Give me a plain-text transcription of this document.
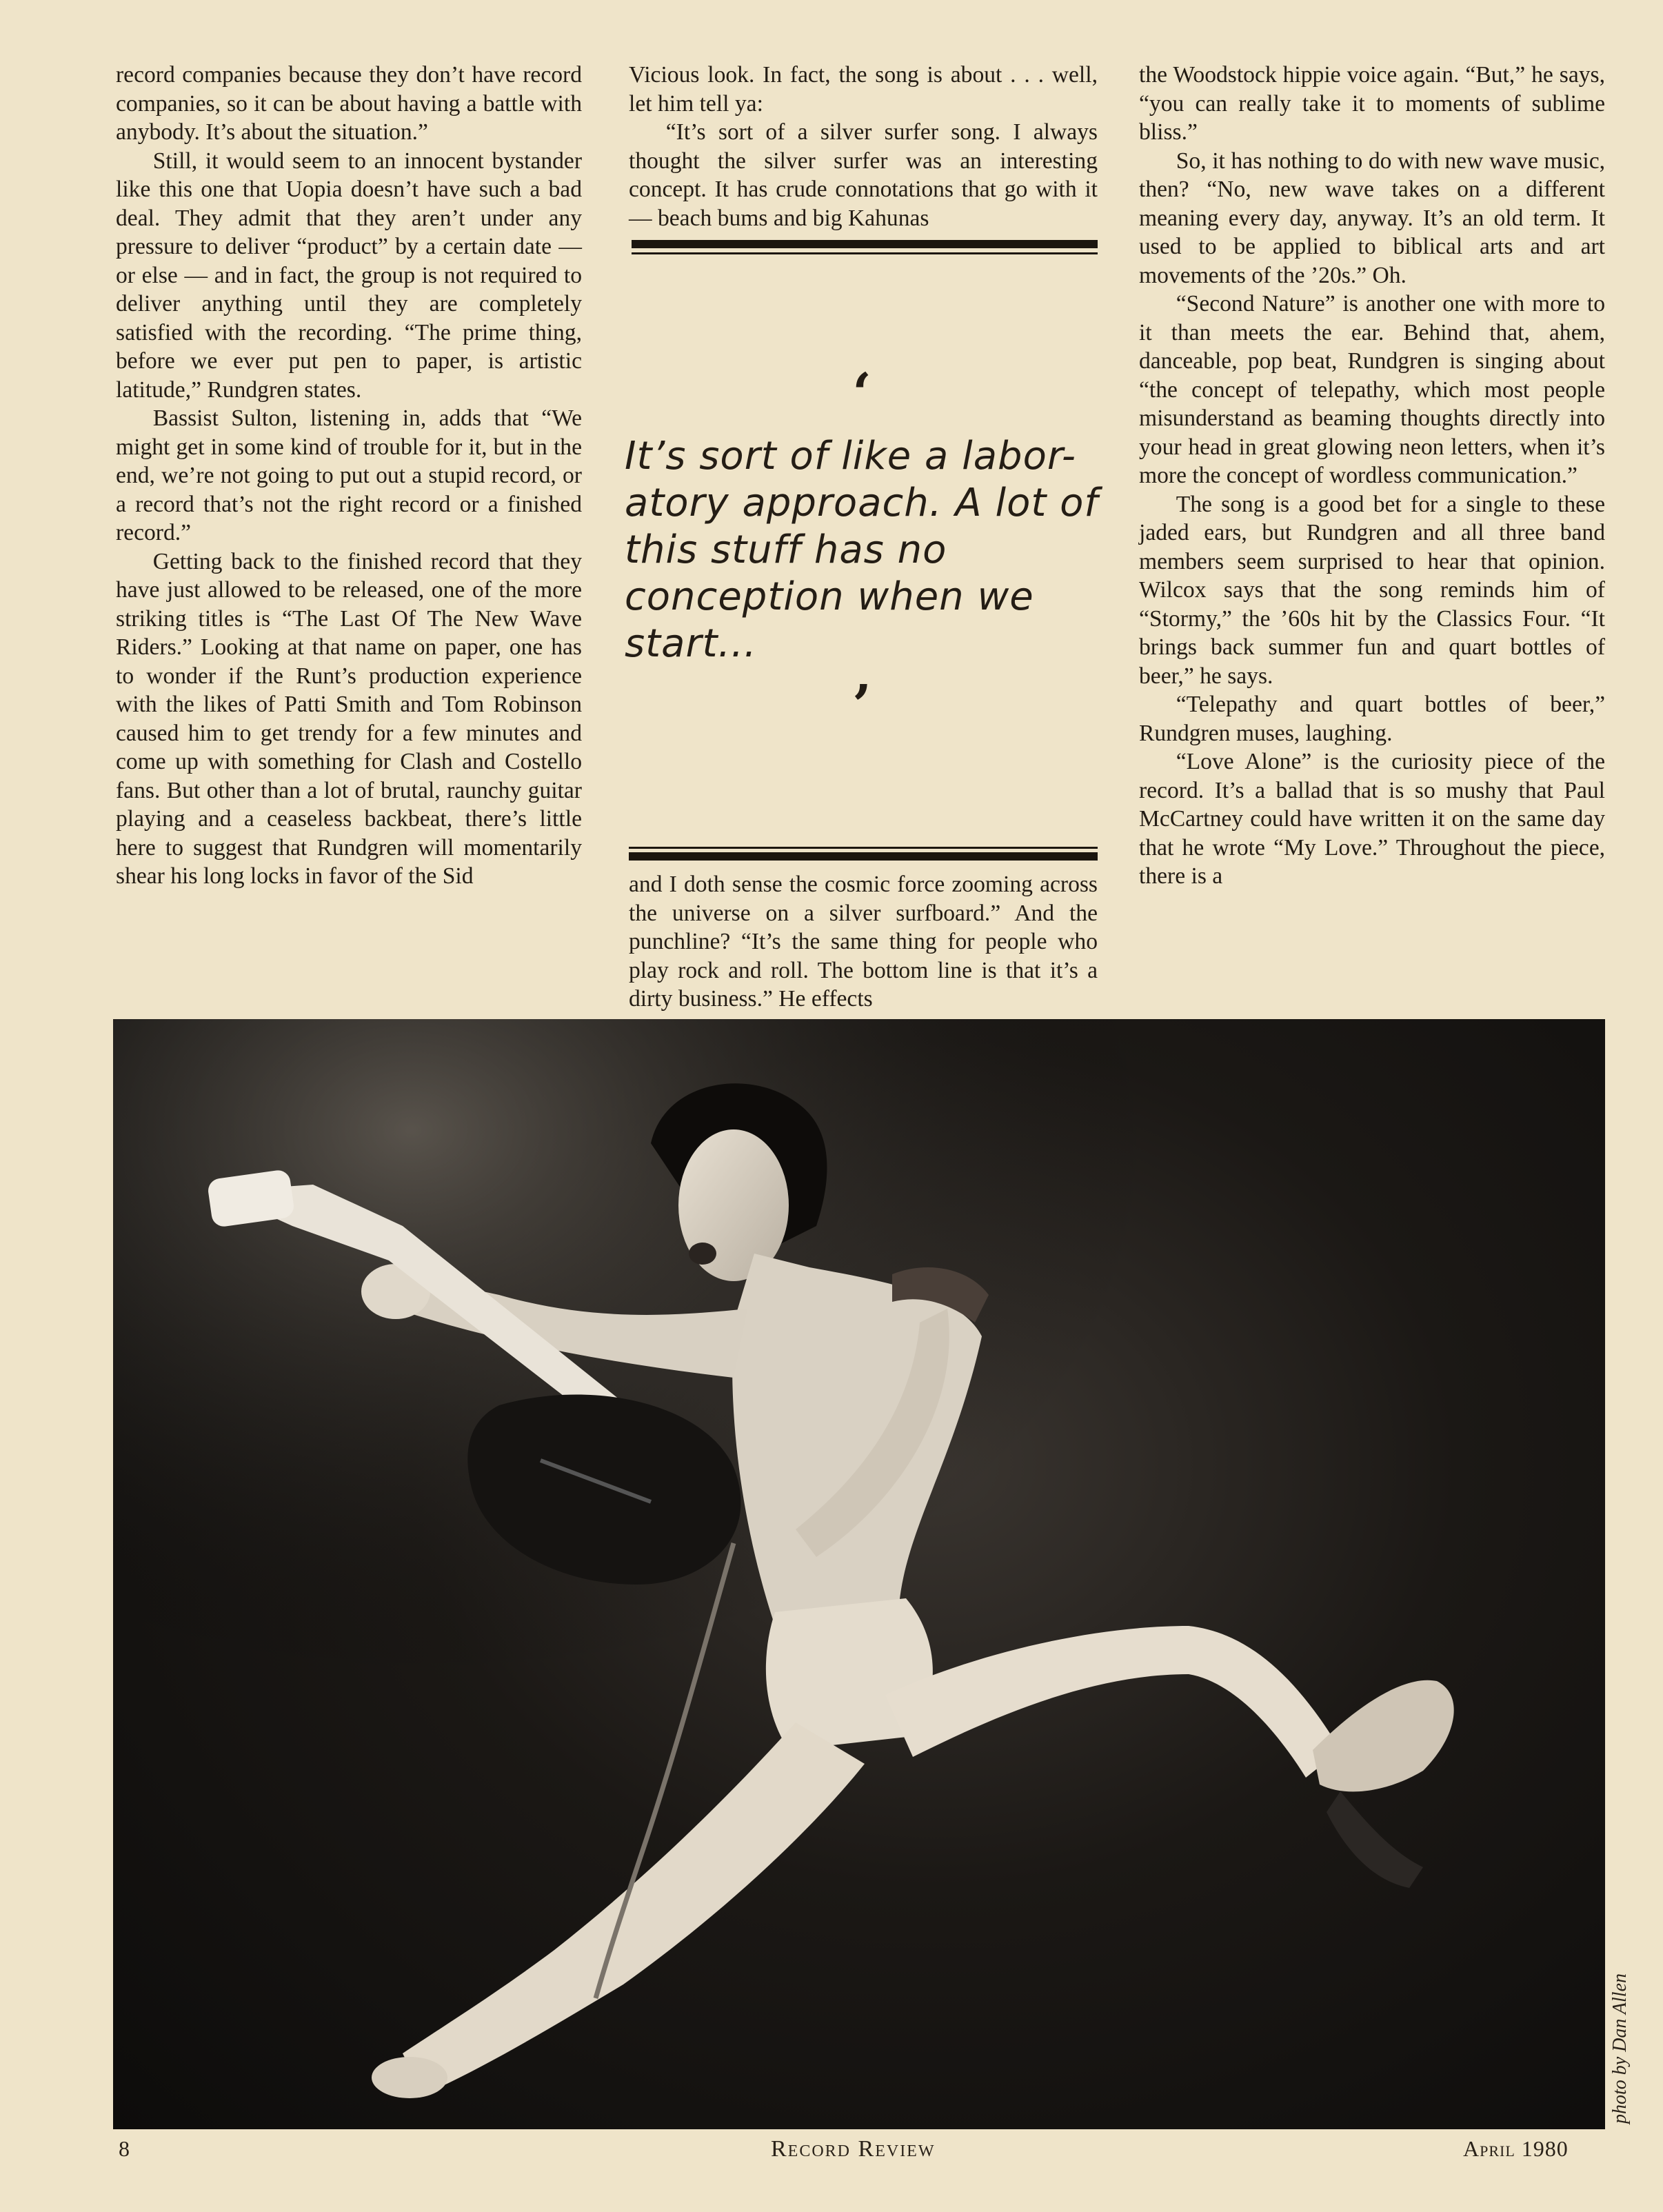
record companies because they don’t have record companies, so it can be about having a battle with anybody. It’s about the situation.”

Still, it would seem to an innocent bystander like this one that Uopia doesn’t have such a bad deal. They admit that they aren’t under any pressure to deliver “product” by a certain date — or else — and in fact, the group is not required to deliver anything until they are completely satisfied with the recording. “The prime thing, before we ever put pen to paper, is artistic latitude,” Rundgren states.

Bassist Sulton, listening in, adds that “We might get in some kind of trouble for it, but in the end, we’re not going to put out a stupid record, or a record that’s not the right record or a finished record.”

Getting back to the finished record that they have just allowed to be released, one of the more striking titles is “The Last Of The New Wave Riders.” Looking at that name on paper, one has to wonder if the Runt’s production experience with the likes of Patti Smith and Tom Robinson caused him to get trendy for a few minutes and come up with something for Clash and Costello fans. But other than a lot of brutal, raunchy guitar playing and a ceaseless backbeat, there’s little here to suggest that Rundgren will momentarily shear his long locks in favor of the Sid

Vicious look. In fact, the song is about . . . well, let him tell ya:

“It’s sort of a silver surfer song. I always thought the silver surfer was an interesting concept. It has crude connotations that go with it — beach bums and big Kahunas

‘
It’s sort of like a labor-atory approach. A lot of this stuff has no conception when we start...
’

and I doth sense the cosmic force zooming across the universe on a silver surfboard.” And the punchline? “It’s the same thing for people who play rock and roll. The bottom line is that it’s a dirty business.” He effects

the Woodstock hippie voice again. “But,” he says, “you can really take it to moments of sublime bliss.”

So, it has nothing to do with new wave music, then? “No, new wave takes on a different meaning every day, anyway. It’s an old term. It used to be applied to biblical arts and art movements of the ’20s.” Oh.

“Second Nature” is another one with more to it than meets the ear. Behind that, ahem, danceable, pop beat, Rundgren is singing about “the concept of telepathy, which most people misunderstand as beaming thoughts directly into your head in great glowing neon letters, when it’s more the concept of wordless communication.”

The song is a good bet for a single to these jaded ears, but Rundgren and all three band members seem surprised to hear that opinion. Wilcox says that the song reminds him of “Stormy,” the ’60s hit by the Classics Four. “It brings back summer fun and quart bottles of beer,” he says.

“Telepathy and quart bottles of beer,” Rundgren muses, laughing.

“Love Alone” is the curiosity piece of the record. It’s a ballad that is so mushy that Paul McCartney could have written it on the same day that he wrote “My Love.” Throughout the piece, there is a

photo by Dan Allen
8	Record Review	April 1980
